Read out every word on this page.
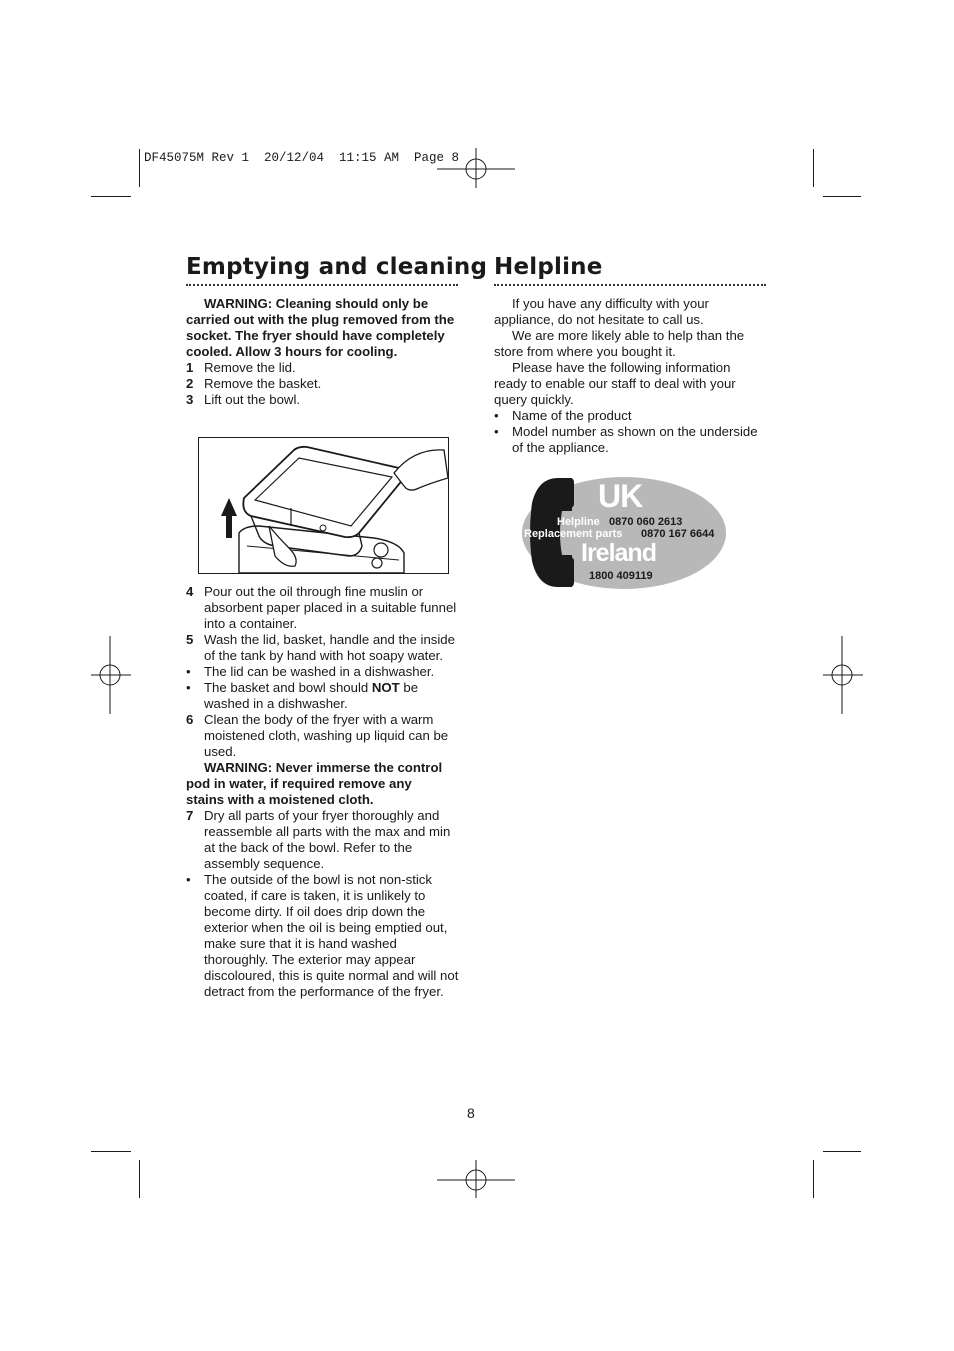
DF45075M Rev 1  20/12/04  11:15 AM  Page 8
Emptying and cleaning

WARNING: Cleaning should only be carried out with the plug removed from the socket. The fryer should have completely cooled. Allow 3 hours for cooling.

1 Remove the lid.
2 Remove the basket.
3 Lift out the bowl.
4 Pour out the oil through fine muslin or absorbent paper placed in a suitable funnel into a container.
5 Wash the lid, basket, handle and the inside of the tank by hand with hot soapy water.
•	The lid can be washed in a dishwasher.
•	The basket and bowl should NOT be washed in a dishwasher.
6 Clean the body of the fryer with a warm moistened cloth, washing up liquid can be used.

WARNING: Never immerse the control pod in water, if required remove any stains with a moistened cloth.

7 Dry all parts of your fryer thoroughly and reassemble all parts with the max and min at the back of the bowl. Refer to the assembly sequence.
•	The outside of the bowl is not non-stick coated, if care is taken, it is unlikely to become dirty. If oil does drip down the exterior when the oil is being emptied out, make sure that it is hand washed thoroughly. The exterior may appear discoloured, this is quite normal and will not detract from the performance of the fryer.
Helpline

If you have any difficulty with your appliance, do not hesitate to call us.

We are more likely able to help than the store from where you bought it.

Please have the following information ready to enable our staff to deal with your query quickly.

•	Name of the product
•	Model number as shown on the underside of the appliance.
UK
Helpline 0870 060 2613
Replacement parts 0870 167 6644
Ireland
1800 409119
8
